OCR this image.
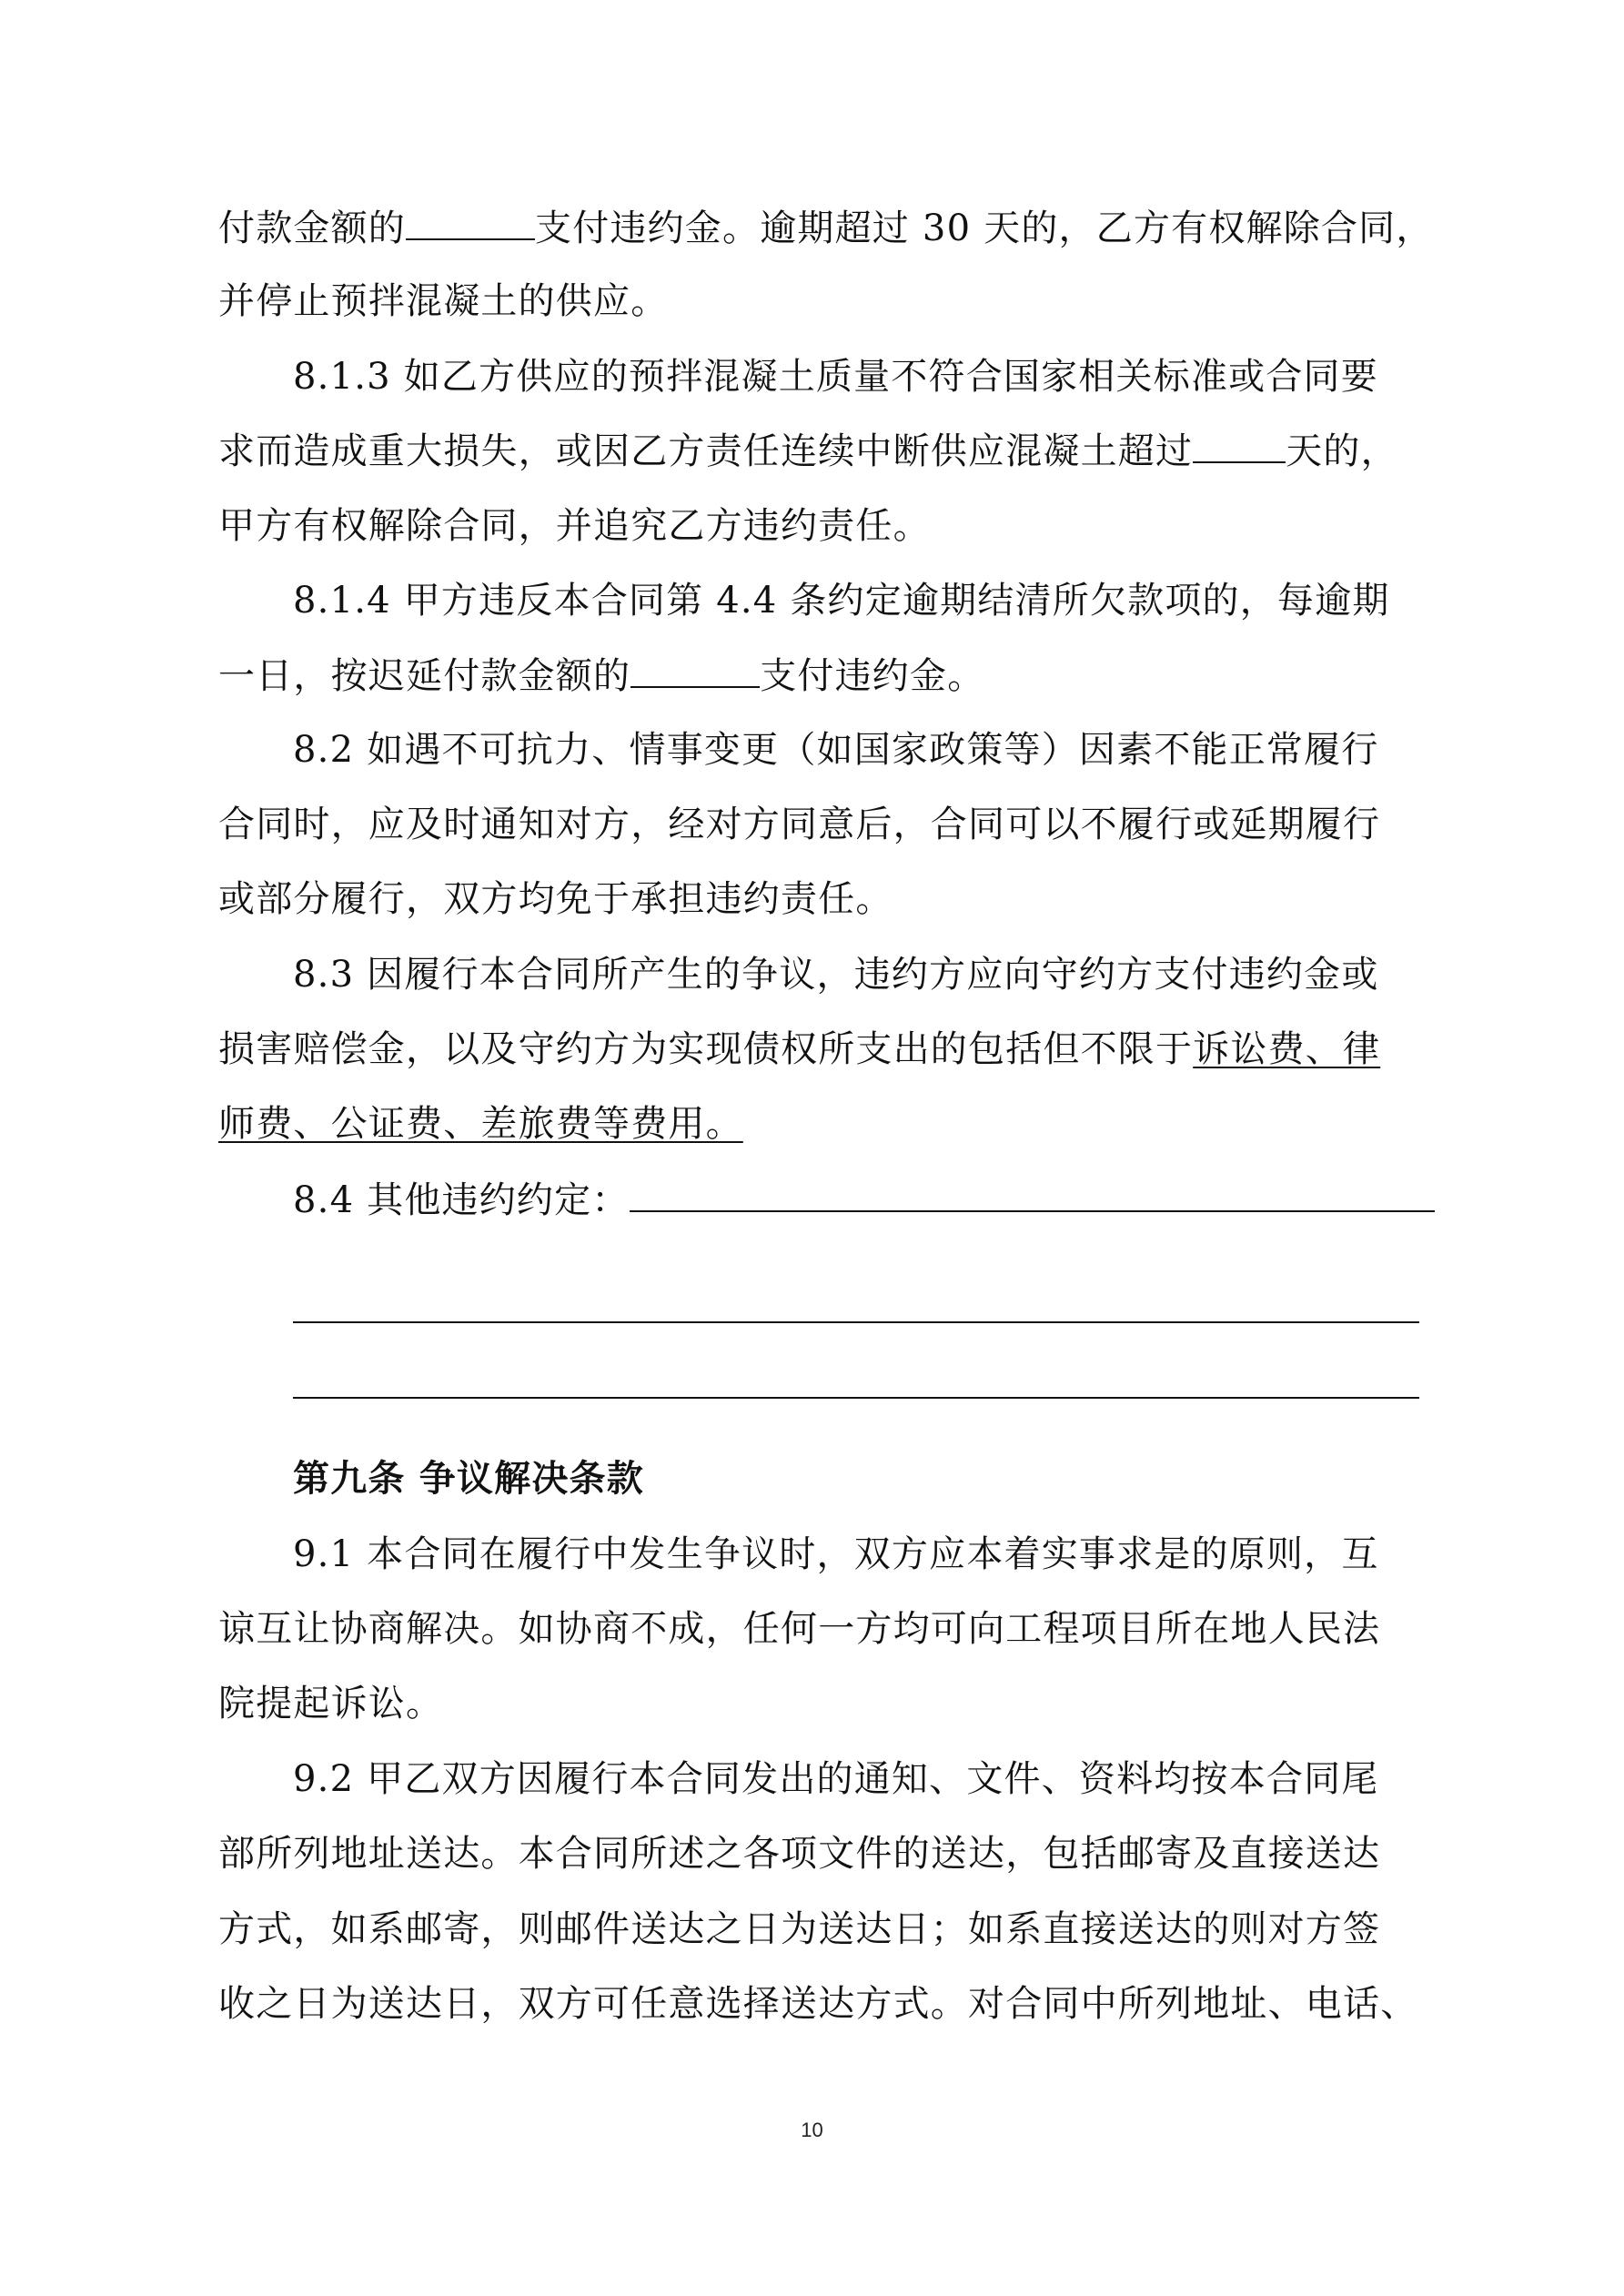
付款金额的	支付违约金。逾期超过 30 天的，乙方有权解除合同，
并停止预拌混凝土的供应。
8.1.3 如乙方供应的预拌混凝土质量不符合国家相关标准或合同要
求而造成重大损失，或因乙方责任连续中断供应混凝土超过	天的，
甲方有权解除合同，并追究乙方违约责任。
8.1.4 甲方违反本合同第 4.4 条约定逾期结清所欠款项的，每逾期
一日，按迟延付款金额的	支付违约金。
8.2 如遇不可抗力、情事变更（如国家政策等）因素不能正常履行
合同时，应及时通知对方，经对方同意后，合同可以不履行或延期履行
或部分履行，双方均免于承担违约责任。
8.3 因履行本合同所产生的争议，违约方应向守约方支付违约金或
损害赔偿金，以及守约方为实现债权所支出的包括但不限于诉讼费、律
师费、公证费、差旅费等费用。
8.4 其他违约约定：
第九条 争议解决条款
9.1 本合同在履行中发生争议时，双方应本着实事求是的原则，互
谅互让协商解决。如协商不成，任何一方均可向工程项目所在地人民法
院提起诉讼。
9.2 甲乙双方因履行本合同发出的通知、文件、资料均按本合同尾
部所列地址送达。本合同所述之各项文件的送达，包括邮寄及直接送达
方式，如系邮寄，则邮件送达之日为送达日；如系直接送达的则对方签
收之日为送达日，双方可任意选择送达方式。对合同中所列地址、电话、
10
